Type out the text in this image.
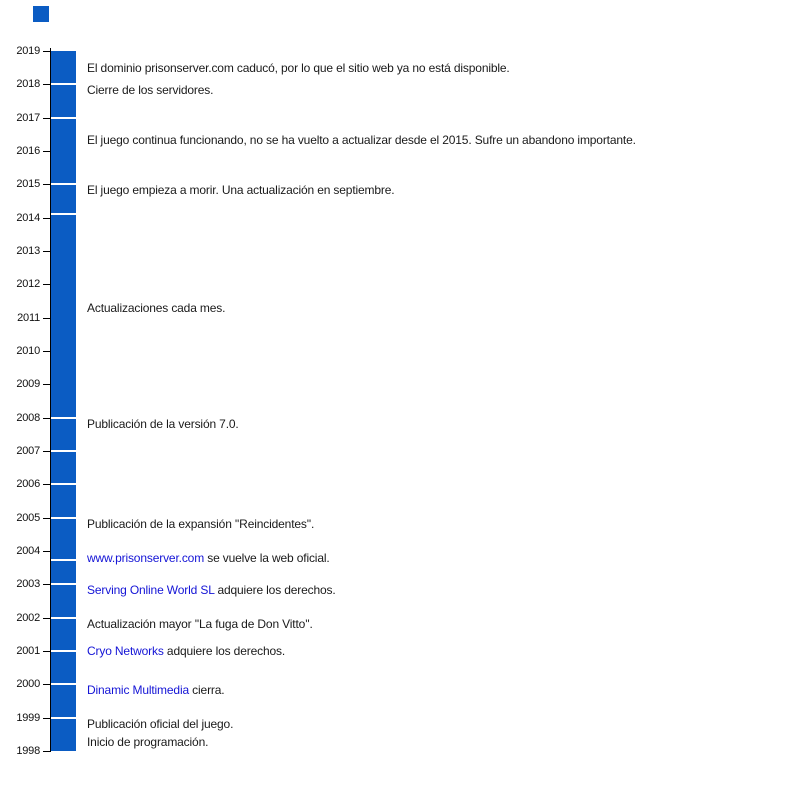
2019
2018
2017
2016
2015
2014
2013
2012
2011
2010
2009
2008
2007
2006
2005
2004
2003
2002
2001
2000
1999
1998
El dominio prisonserver.com caducó, por lo que el sitio web ya no está disponible.
Cierre de los servidores.
El juego continua funcionando, no se ha vuelto a actualizar desde el 2015. Sufre un abandono importante.
El juego empieza a morir. Una actualización en septiembre.
Actualizaciones cada mes.
Publicación de la versión 7.0.
Publicación de la expansión ''Reincidentes''.
www.prisonserver.com se vuelve la web oficial.
Serving Online World SL adquiere los derechos.
Actualización mayor ''La fuga de Don Vitto''.
Cryo Networks adquiere los derechos.
Dinamic Multimedia cierra.
Publicación oficial del juego.
Inicio de programación.
